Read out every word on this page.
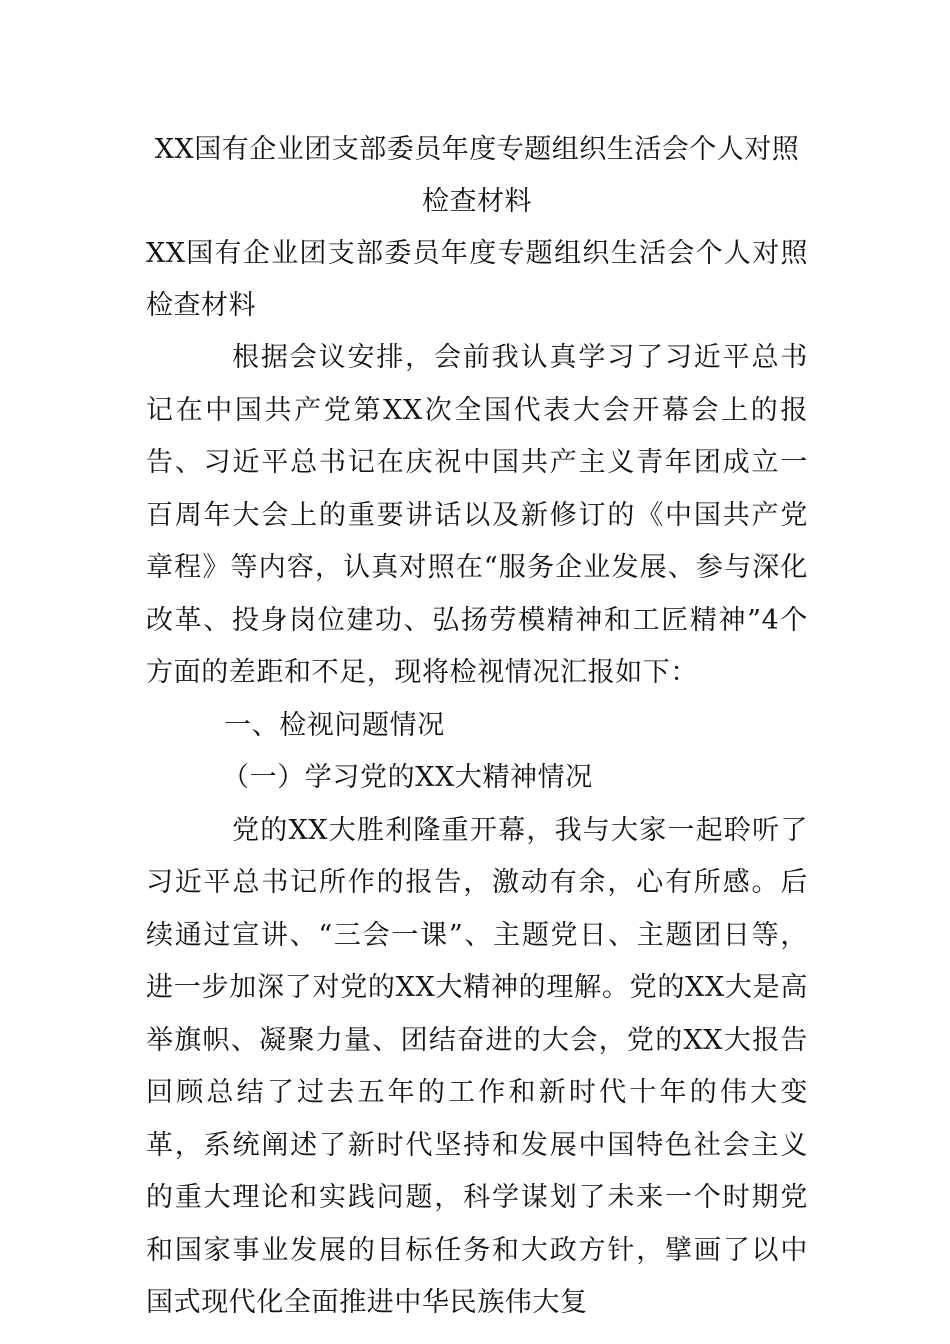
XX国有企业团支部委员年度专题组织生活会个人对照检查材料

XX国有企业团支部委员年度专题组织生活会个人对照检查材料

根据会议安排，会前我认真学习了习近平总书记在中国共产党第XX次全国代表大会开幕会上的报告、习近平总书记在庆祝中国共产主义青年团成立一百周年大会上的重要讲话以及新修订的《中国共产党章程》等内容，认真对照在“服务企业发展、参与深化改革、投身岗位建功、弘扬劳模精神和工匠精神”4个方面的差距和不足，现将检视情况汇报如下：

一、检视问题情况

（一）学习党的XX大精神情况

党的XX大胜利隆重开幕，我与大家一起聆听了习近平总书记所作的报告，激动有余，心有所感。后续通过宣讲、“三会一课”、主题党日、主题团日等，进一步加深了对党的XX大精神的理解。党的XX大是高举旗帜、凝聚力量、团结奋进的大会，党的XX大报告回顾总结了过去五年的工作和新时代十年的伟大变革，系统阐述了新时代坚持和发展中国特色社会主义的重大理论和实践问题，科学谋划了未来一个时期党和国家事业发展的目标任务和大政方针，擘画了以中国式现代化全面推进中华民族伟大复
